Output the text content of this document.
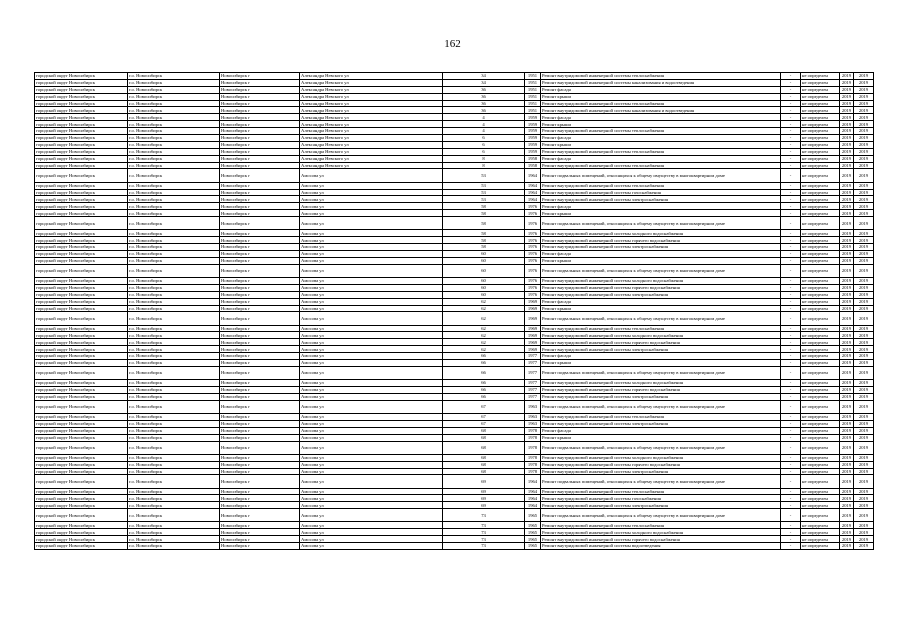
162
городской округ Новосибирск	г.о. Новосибирск	Новосибирск г	Александра Невского ул	34	1951	Ремонт внутридомовой инженерной системы теплоснабжения	-	не определен	2019	2019
городской округ Новосибирск	г.о. Новосибирск	Новосибирск г	Александра Невского ул	34	1951	Ремонт внутридомовой инженерной системы канализования и водоотведения	-	не определен	2019	2019
городской округ Новосибирск	г.о. Новосибирск	Новосибирск г	Александра Невского ул	36	1951	Ремонт фасада	-	не определен	2019	2019
городской округ Новосибирск	г.о. Новосибирск	Новосибирск г	Александра Невского ул	36	1951	Ремонт крыши	-	не определен	2019	2019
городской округ Новосибирск	г.о. Новосибирск	Новосибирск г	Александра Невского ул	36	1951	Ремонт внутридомовой инженерной системы теплоснабжения	-	не определен	2019	2019
городской округ Новосибирск	г.о. Новосибирск	Новосибирск г	Александра Невского ул	36	1951	Ремонт внутридомовой инженерной системы канализования и водоотведения	-	не определен	2019	2019
городской округ Новосибирск	г.о. Новосибирск	Новосибирск г	Александра Невского ул	4	1959	Ремонт фасада	-	не определен	2019	2019
городской округ Новосибирск	г.о. Новосибирск	Новосибирск г	Александра Невского ул	4	1959	Ремонт крыши	-	не определен	2019	2019
городской округ Новосибирск	г.о. Новосибирск	Новосибирск г	Александра Невского ул	4	1959	Ремонт внутридомовой инженерной системы теплоснабжения	-	не определен	2019	2019
городской округ Новосибирск	г.о. Новосибирск	Новосибирск г	Александра Невского ул	6	1959	Ремонт фасада	-	не определен	2019	2019
городской округ Новосибирск	г.о. Новосибирск	Новосибирск г	Александра Невского ул	6	1959	Ремонт крыши	-	не определен	2019	2019
городской округ Новосибирск	г.о. Новосибирск	Новосибирск г	Александра Невского ул	6	1959	Ремонт внутридомовой инженерной системы теплоснабжения	-	не определен	2019	2019
городской округ Новосибирск	г.о. Новосибирск	Новосибирск г	Александра Невского ул	8	1958	Ремонт фасада	-	не определен	2019	2019
городской округ Новосибирск	г.о. Новосибирск	Новосибирск г	Александра Невского ул	8	1958	Ремонт внутридомовой инженерной системы теплоснабжения	-	не определен	2019	2019
городской округ Новосибирск	г.о. Новосибирск	Новосибирск г	Амосова ул	53	1964	Ремонт подвальных помещений, относящихся к общему имуществу в многоквартирном доме	-	не определен	2019	2019
городской округ Новосибирск	г.о. Новосибирск	Новосибирск г	Амосова ул	53	1964	Ремонт внутридомовой инженерной системы теплоснабжения	-	не определен	2019	2019
городской округ Новосибирск	г.о. Новосибирск	Новосибирск г	Амосова ул	53	1964	Ремонт внутридомовой инженерной системы газоснабжения	-	не определен	2019	2019
городской округ Новосибирск	г.о. Новосибирск	Новосибирск г	Амосова ул	53	1964	Ремонт внутридомовой инженерной системы электроснабжения	-	не определен	2019	2019
городской округ Новосибирск	г.о. Новосибирск	Новосибирск г	Амосова ул	58	1976	Ремонт фасада	-	не определен	2019	2019
городской округ Новосибирск	г.о. Новосибирск	Новосибирск г	Амосова ул	58	1976	Ремонт крыши	-	не определен	2019	2019
городской округ Новосибирск	г.о. Новосибирск	Новосибирск г	Амосова ул	58	1976	Ремонт подвальных помещений, относящихся к общему имуществу в многоквартирном доме	-	не определен	2019	2019
городской округ Новосибирск	г.о. Новосибирск	Новосибирск г	Амосова ул	58	1976	Ремонт внутридомовой инженерной системы холодного водоснабжения	-	не определен	2019	2019
городской округ Новосибирск	г.о. Новосибирск	Новосибирск г	Амосова ул	58	1976	Ремонт внутридомовой инженерной системы горячего водоснабжения	-	не определен	2019	2019
городской округ Новосибирск	г.о. Новосибирск	Новосибирск г	Амосова ул	58	1976	Ремонт внутридомовой инженерной системы электроснабжения	-	не определен	2019	2019
городской округ Новосибирск	г.о. Новосибирск	Новосибирск г	Амосова ул	60	1976	Ремонт фасада	-	не определен	2019	2019
городской округ Новосибирск	г.о. Новосибирск	Новосибирск г	Амосова ул	60	1976	Ремонт крыши	-	не определен	2019	2019
городской округ Новосибирск	г.о. Новосибирск	Новосибирск г	Амосова ул	60	1976	Ремонт подвальных помещений, относящихся к общему имуществу в многоквартирном доме	-	не определен	2019	2019
городской округ Новосибирск	г.о. Новосибирск	Новосибирск г	Амосова ул	60	1976	Ремонт внутридомовой инженерной системы холодного водоснабжения	-	не определен	2019	2019
городской округ Новосибирск	г.о. Новосибирск	Новосибирск г	Амосова ул	60	1976	Ремонт внутридомовой инженерной системы горячего водоснабжения	-	не определен	2019	2019
городской округ Новосибирск	г.о. Новосибирск	Новосибирск г	Амосова ул	60	1976	Ремонт внутридомовой инженерной системы электроснабжения	-	не определен	2019	2019
городской округ Новосибирск	г.о. Новосибирск	Новосибирск г	Амосова ул	62	1969	Ремонт фасада	-	не определен	2019	2019
городской округ Новосибирск	г.о. Новосибирск	Новосибирск г	Амосова ул	62	1969	Ремонт крыши	-	не определен	2019	2019
городской округ Новосибирск	г.о. Новосибирск	Новосибирск г	Амосова ул	62	1969	Ремонт подвальных помещений, относящихся к общему имуществу в многоквартирном доме	-	не определен	2019	2019
городской округ Новосибирск	г.о. Новосибирск	Новосибирск г	Амосова ул	62	1969	Ремонт внутридомовой инженерной системы теплоснабжения	-	не определен	2019	2019
городской округ Новосибирск	г.о. Новосибирск	Новосибирск г	Амосова ул	62	1969	Ремонт внутридомовой инженерной системы холодного водоснабжения	-	не определен	2019	2019
городской округ Новосибирск	г.о. Новосибирск	Новосибирск г	Амосова ул	62	1969	Ремонт внутридомовой инженерной системы горячего водоснабжения	-	не определен	2019	2019
городской округ Новосибирск	г.о. Новосибирск	Новосибирск г	Амосова ул	62	1969	Ремонт внутридомовой инженерной системы электроснабжения	-	не определен	2019	2019
городской округ Новосибирск	г.о. Новосибирск	Новосибирск г	Амосова ул	66	1977	Ремонт фасада	-	не определен	2019	2019
городской округ Новосибирск	г.о. Новосибирск	Новосибирск г	Амосова ул	66	1977	Ремонт крыши	-	не определен	2019	2019
городской округ Новосибирск	г.о. Новосибирск	Новосибирск г	Амосова ул	66	1977	Ремонт подвальных помещений, относящихся к общему имуществу в многоквартирном доме	-	не определен	2019	2019
городской округ Новосибирск	г.о. Новосибирск	Новосибирск г	Амосова ул	66	1977	Ремонт внутридомовой инженерной системы холодного водоснабжения	-	не определен	2019	2019
городской округ Новосибирск	г.о. Новосибирск	Новосибирск г	Амосова ул	66	1977	Ремонт внутридомовой инженерной системы горячего водоснабжения	-	не определен	2019	2019
городской округ Новосибирск	г.о. Новосибирск	Новосибирск г	Амосова ул	66	1977	Ремонт внутридомовой инженерной системы электроснабжения	-	не определен	2019	2019
городской округ Новосибирск	г.о. Новосибирск	Новосибирск г	Амосова ул	67	1963	Ремонт подвальных помещений, относящихся к общему имуществу в многоквартирном доме	-	не определен	2019	2019
городской округ Новосибирск	г.о. Новосибирск	Новосибирск г	Амосова ул	67	1963	Ремонт внутридомовой инженерной системы теплоснабжения	-	не определен	2019	2019
городской округ Новосибирск	г.о. Новосибирск	Новосибирск г	Амосова ул	67	1963	Ремонт внутридомовой инженерной системы электроснабжения	-	не определен	2019	2019
городской округ Новосибирск	г.о. Новосибирск	Новосибирск г	Амосова ул	68	1978	Ремонт фасада	-	не определен	2019	2019
городской округ Новосибирск	г.о. Новосибирск	Новосибирск г	Амосова ул	68	1978	Ремонт крыши	-	не определен	2019	2019
городской округ Новосибирск	г.о. Новосибирск	Новосибирск г	Амосова ул	68	1978	Ремонт подвальных помещений, относящихся к общему имуществу в многоквартирном доме	-	не определен	2019	2019
городской округ Новосибирск	г.о. Новосибирск	Новосибирск г	Амосова ул	68	1978	Ремонт внутридомовой инженерной системы холодного водоснабжения	-	не определен	2019	2019
городской округ Новосибирск	г.о. Новосибирск	Новосибирск г	Амосова ул	68	1978	Ремонт внутридомовой инженерной системы горячего водоснабжения	-	не определен	2019	2019
городской округ Новосибирск	г.о. Новосибирск	Новосибирск г	Амосова ул	68	1978	Ремонт внутридомовой инженерной системы электроснабжения	-	не определен	2019	2019
городской округ Новосибирск	г.о. Новосибирск	Новосибирск г	Амосова ул	69	1964	Ремонт подвальных помещений, относящихся к общему имуществу в многоквартирном доме	-	не определен	2019	2019
городской округ Новосибирск	г.о. Новосибирск	Новосибирск г	Амосова ул	69	1964	Ремонт внутридомовой инженерной системы теплоснабжения	-	не определен	2019	2019
городской округ Новосибирск	г.о. Новосибирск	Новосибирск г	Амосова ул	69	1964	Ремонт внутридомовой инженерной системы газоснабжения	-	не определен	2019	2019
городской округ Новосибирск	г.о. Новосибирск	Новосибирск г	Амосова ул	69	1964	Ремонт внутридомовой инженерной системы электроснабжения	-	не определен	2019	2019
городской округ Новосибирск	г.о. Новосибирск	Новосибирск г	Амосова ул	73	1965	Ремонт подвальных помещений, относящихся к общему имуществу в многоквартирном доме	-	не определен	2019	2019
городской округ Новосибирск	г.о. Новосибирск	Новосибирск г	Амосова ул	73	1965	Ремонт внутридомовой инженерной системы теплоснабжения	-	не определен	2019	2019
городской округ Новосибирск	г.о. Новосибирск	Новосибирск г	Амосова ул	73	1965	Ремонт внутридомовой инженерной системы холодного водоснабжения	-	не определен	2019	2019
городской округ Новосибирск	г.о. Новосибирск	Новосибирск г	Амосова ул	73	1965	Ремонт внутридомовой инженерной системы горячего водоснабжения	-	не определен	2019	2019
городской округ Новосибирск	г.о. Новосибирск	Новосибирск г	Амосова ул	73	1965	Ремонт внутридомовой инженерной системы водоотведения	-	не определен	2019	2019
